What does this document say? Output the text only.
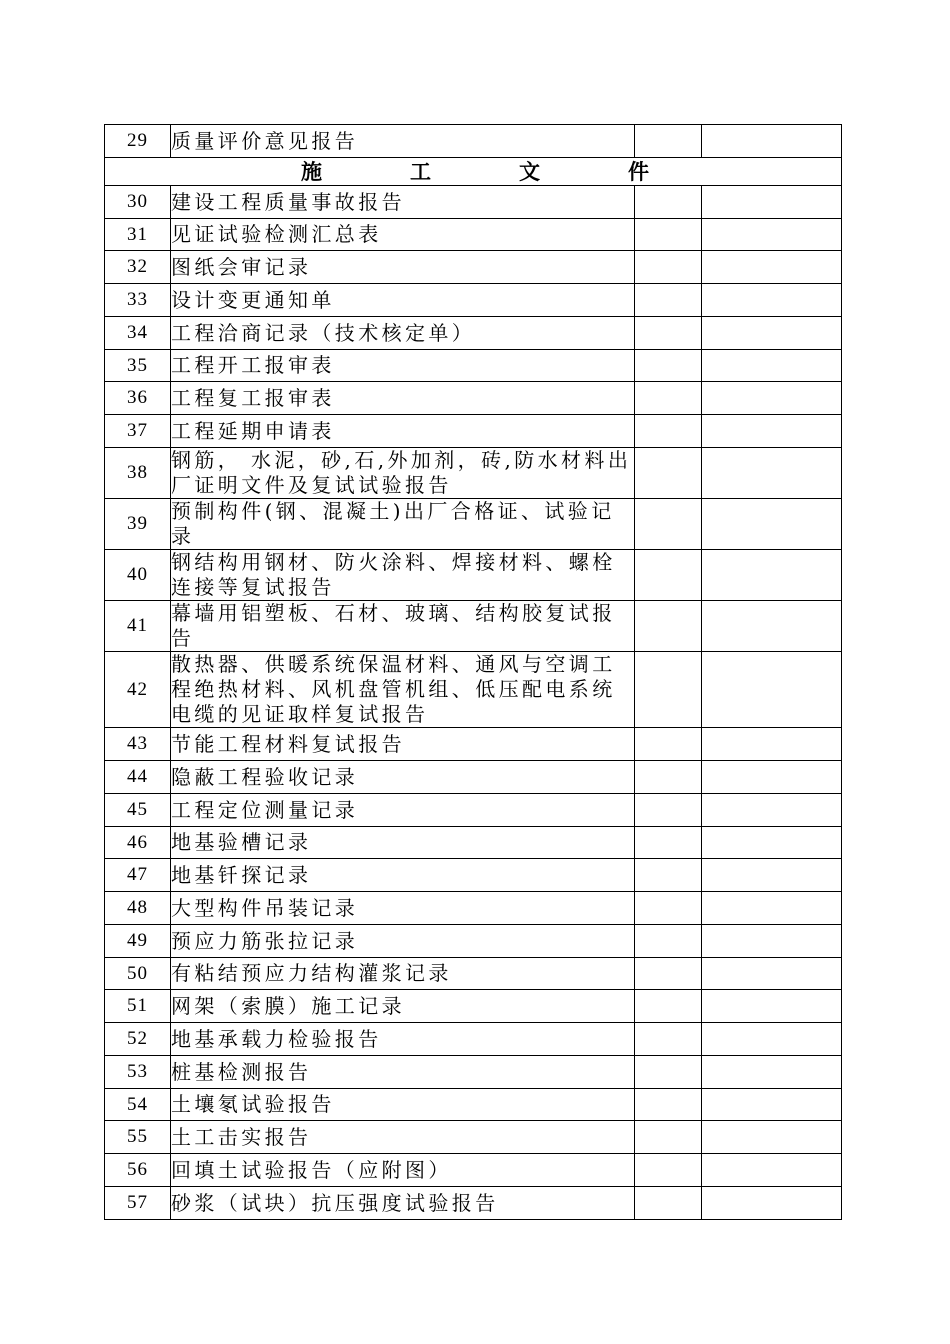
29	质量评价意见报告		

施 工 文 件			

30	建设工程质量事故报告		
31	见证试验检测汇总表		
32	图纸会审记录		
33	设计变更通知单		
34	工程洽商记录（技术核定单）		
35	工程开工报审表		
36	工程复工报审表		
37	工程延期申请表		
38	钢筋， 水泥，砂,石,外加剂，砖,防水材料出厂证明文件及复试试验报告		
39	预制构件(钢、混凝土)出厂合格证、试验记录		
40	钢结构用钢材、防火涂料、焊接材料、螺栓连接等复试报告		
41	幕墙用铝塑板、石材、玻璃、结构胶复试报告		
42	散热器、供暖系统保温材料、通风与空调工程绝热材料、风机盘管机组、低压配电系统电缆的见证取样复试报告		
43	节能工程材料复试报告		
44	隐蔽工程验收记录		
45	工程定位测量记录		
46	地基验槽记录		
47	地基钎探记录		
48	大型构件吊装记录		
49	预应力筋张拉记录		
50	有粘结预应力结构灌浆记录		
51	网架（索膜）施工记录		
52	地基承载力检验报告		
53	桩基检测报告		
54	土壤氡试验报告		
55	土工击实报告		
56	回填土试验报告（应附图）		
57	砂浆（试块）抗压强度试验报告		
